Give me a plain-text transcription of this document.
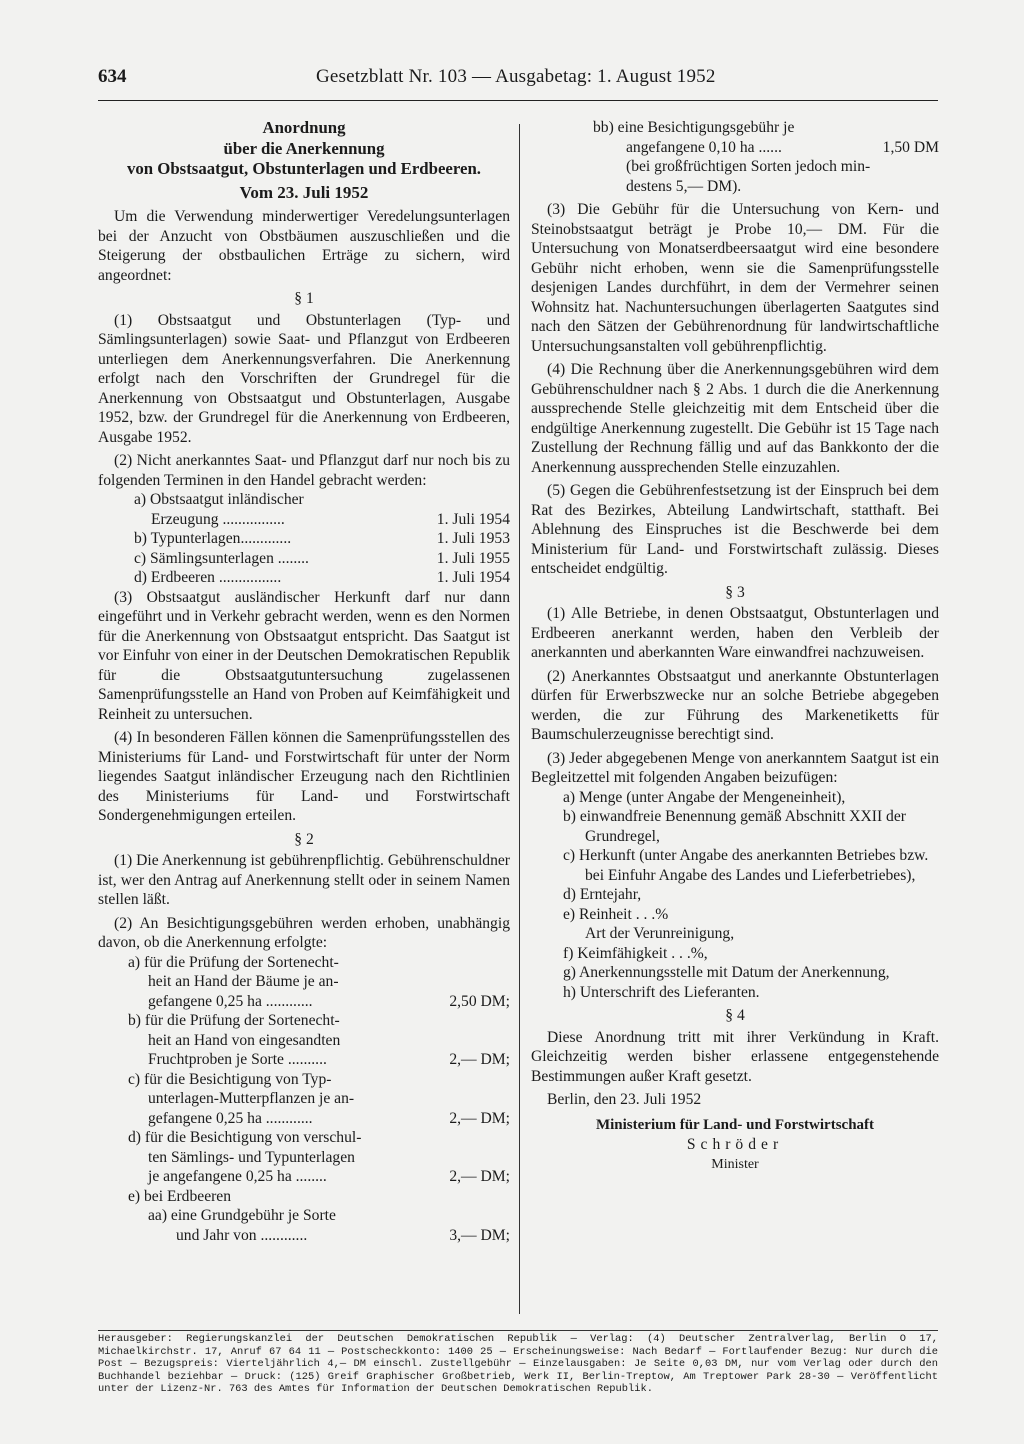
634	Gesetzblatt Nr. 103 — Ausgabetag: 1. August 1952
Anordnung
über die Anerkennung
von Obstsaatgut, Obstunterlagen und Erdbeeren.
Vom 23. Juli 1952

Um die Verwendung minderwertiger Veredelungsunterlagen bei der Anzucht von Obstbäumen auszuschließen und die Steigerung der obstbaulichen Erträge zu sichern, wird angeordnet:

§ 1

(1) Obstsaatgut und Obstunterlagen (Typ- und Sämlingsunterlagen) sowie Saat- und Pflanzgut von Erdbeeren unterliegen dem Anerkennungsverfahren. Die Anerkennung erfolgt nach den Vorschriften der Grundregel für die Anerkennung von Obstsaatgut und Obstunterlagen, Ausgabe 1952, bzw. der Grundregel für die Anerkennung von Erdbeeren, Ausgabe 1952.

(2) Nicht anerkanntes Saat- und Pflanzgut darf nur noch bis zu folgenden Terminen in den Handel gebracht werden:

a) Obstsaatgut inländischer
Erzeugung ................	1. Juli 1954
b) Typunterlagen.............	1. Juli 1953
c) Sämlingsunterlagen ........	1. Juli 1955
d) Erdbeeren ................	1. Juli 1954

(3) Obstsaatgut ausländischer Herkunft darf nur dann eingeführt und in Verkehr gebracht werden, wenn es den Normen für die Anerkennung von Obstsaatgut entspricht. Das Saatgut ist vor Einfuhr von einer in der Deutschen Demokratischen Republik für die Obstsaatgutuntersuchung zugelassenen Samenprüfungsstelle an Hand von Proben auf Keimfähigkeit und Reinheit zu untersuchen.

(4) In besonderen Fällen können die Samenprüfungsstellen des Ministeriums für Land- und Forstwirtschaft für unter der Norm liegendes Saatgut inländischer Erzeugung nach den Richtlinien des Ministeriums für Land- und Forstwirtschaft Sondergenehmigungen erteilen.

§ 2

(1) Die Anerkennung ist gebührenpflichtig. Gebührenschuldner ist, wer den Antrag auf Anerkennung stellt oder in seinem Namen stellen läßt.

(2) An Besichtigungsgebühren werden erhoben, unabhängig davon, ob die Anerkennung erfolgte:

a) für die Prüfung der Sortenecht-
heit an Hand der Bäume je an-
gefangene 0,25 ha ............	2,50 DM;
b) für die Prüfung der Sortenecht-
heit an Hand von eingesandten
Fruchtproben je Sorte ..........	2,— DM;
c) für die Besichtigung von Typ-
unterlagen-Mutterpflanzen je an-
gefangene 0,25 ha ............	2,— DM;
d) für die Besichtigung von verschul-
ten Sämlings- und Typunterlagen
je angefangene 0,25 ha ........	2,— DM;
e) bei Erdbeeren
aa) eine Grundgebühr je Sorte
und Jahr von ............	3,— DM;
bb) eine Besichtigungsgebühr je
angefangene 0,10 ha ......	1,50 DM
(bei großfrüchtigen Sorten jedoch min-
destens 5,— DM).

(3) Die Gebühr für die Untersuchung von Kern- und Steinobstsaatgut beträgt je Probe 10,— DM. Für die Untersuchung von Monatserdbeersaatgut wird eine besondere Gebühr nicht erhoben, wenn sie die Samenprüfungsstelle desjenigen Landes durchführt, in dem der Vermehrer seinen Wohnsitz hat. Nachuntersuchungen überlagerten Saatgutes sind nach den Sätzen der Gebührenordnung für landwirtschaftliche Untersuchungsanstalten voll gebührenpflichtig.

(4) Die Rechnung über die Anerkennungsgebühren wird dem Gebührenschuldner nach § 2 Abs. 1 durch die die Anerkennung aussprechende Stelle gleichzeitig mit dem Entscheid über die endgültige Anerkennung zugestellt. Die Gebühr ist 15 Tage nach Zustellung der Rechnung fällig und auf das Bankkonto der die Anerkennung aussprechenden Stelle einzuzahlen.

(5) Gegen die Gebührenfestsetzung ist der Einspruch bei dem Rat des Bezirkes, Abteilung Landwirtschaft, statthaft. Bei Ablehnung des Einspruches ist die Beschwerde bei dem Ministerium für Land- und Forstwirtschaft zulässig. Dieses entscheidet endgültig.

§ 3

(1) Alle Betriebe, in denen Obstsaatgut, Obstunterlagen und Erdbeeren anerkannt werden, haben den Verbleib der anerkannten und aberkannten Ware einwandfrei nachzuweisen.

(2) Anerkanntes Obstsaatgut und anerkannte Obstunterlagen dürfen für Erwerbszwecke nur an solche Betriebe abgegeben werden, die zur Führung des Markenetiketts für Baumschulerzeugnisse berechtigt sind.

(3) Jeder abgegebenen Menge von anerkanntem Saatgut ist ein Begleitzettel mit folgenden Angaben beizufügen:

a) Menge (unter Angabe der Mengeneinheit),

b) einwandfreie Benennung gemäß Abschnitt XXII der Grundregel,

c) Herkunft (unter Angabe des anerkannten Betriebes bzw. bei Einfuhr Angabe des Landes und Lieferbetriebes),

d) Erntejahr,

e) Reinheit . . .%

Art der Verunreinigung,

f) Keimfähigkeit . . .%,

g) Anerkennungsstelle mit Datum der Anerkennung,

h) Unterschrift des Lieferanten.

§ 4

Diese Anordnung tritt mit ihrer Verkündung in Kraft. Gleichzeitig werden bisher erlassene entgegenstehende Bestimmungen außer Kraft gesetzt.

Berlin, den 23. Juli 1952

Ministerium für Land- und Forstwirtschaft
Schröder
Minister
Herausgeber: Regierungskanzlei der Deutschen Demokratischen Republik — Verlag: (4) Deutscher Zentralverlag, Berlin O 17, Michaelkirchstr. 17, Anruf 67 64 11 — Postscheckkonto: 1400 25 — Erscheinungsweise: Nach Bedarf — Fortlaufender Bezug: Nur durch die Post — Bezugspreis: Vierteljährlich 4,— DM einschl. Zustellgebühr — Einzelausgaben: Je Seite 0,03 DM, nur vom Verlag oder durch den Buchhandel beziehbar — Druck: (125) Greif Graphischer Großbetrieb, Werk II, Berlin-Treptow, Am Treptower Park 28-30 — Veröffentlicht unter der Lizenz-Nr. 763 des Amtes für Information der Deutschen Demokratischen Republik.
